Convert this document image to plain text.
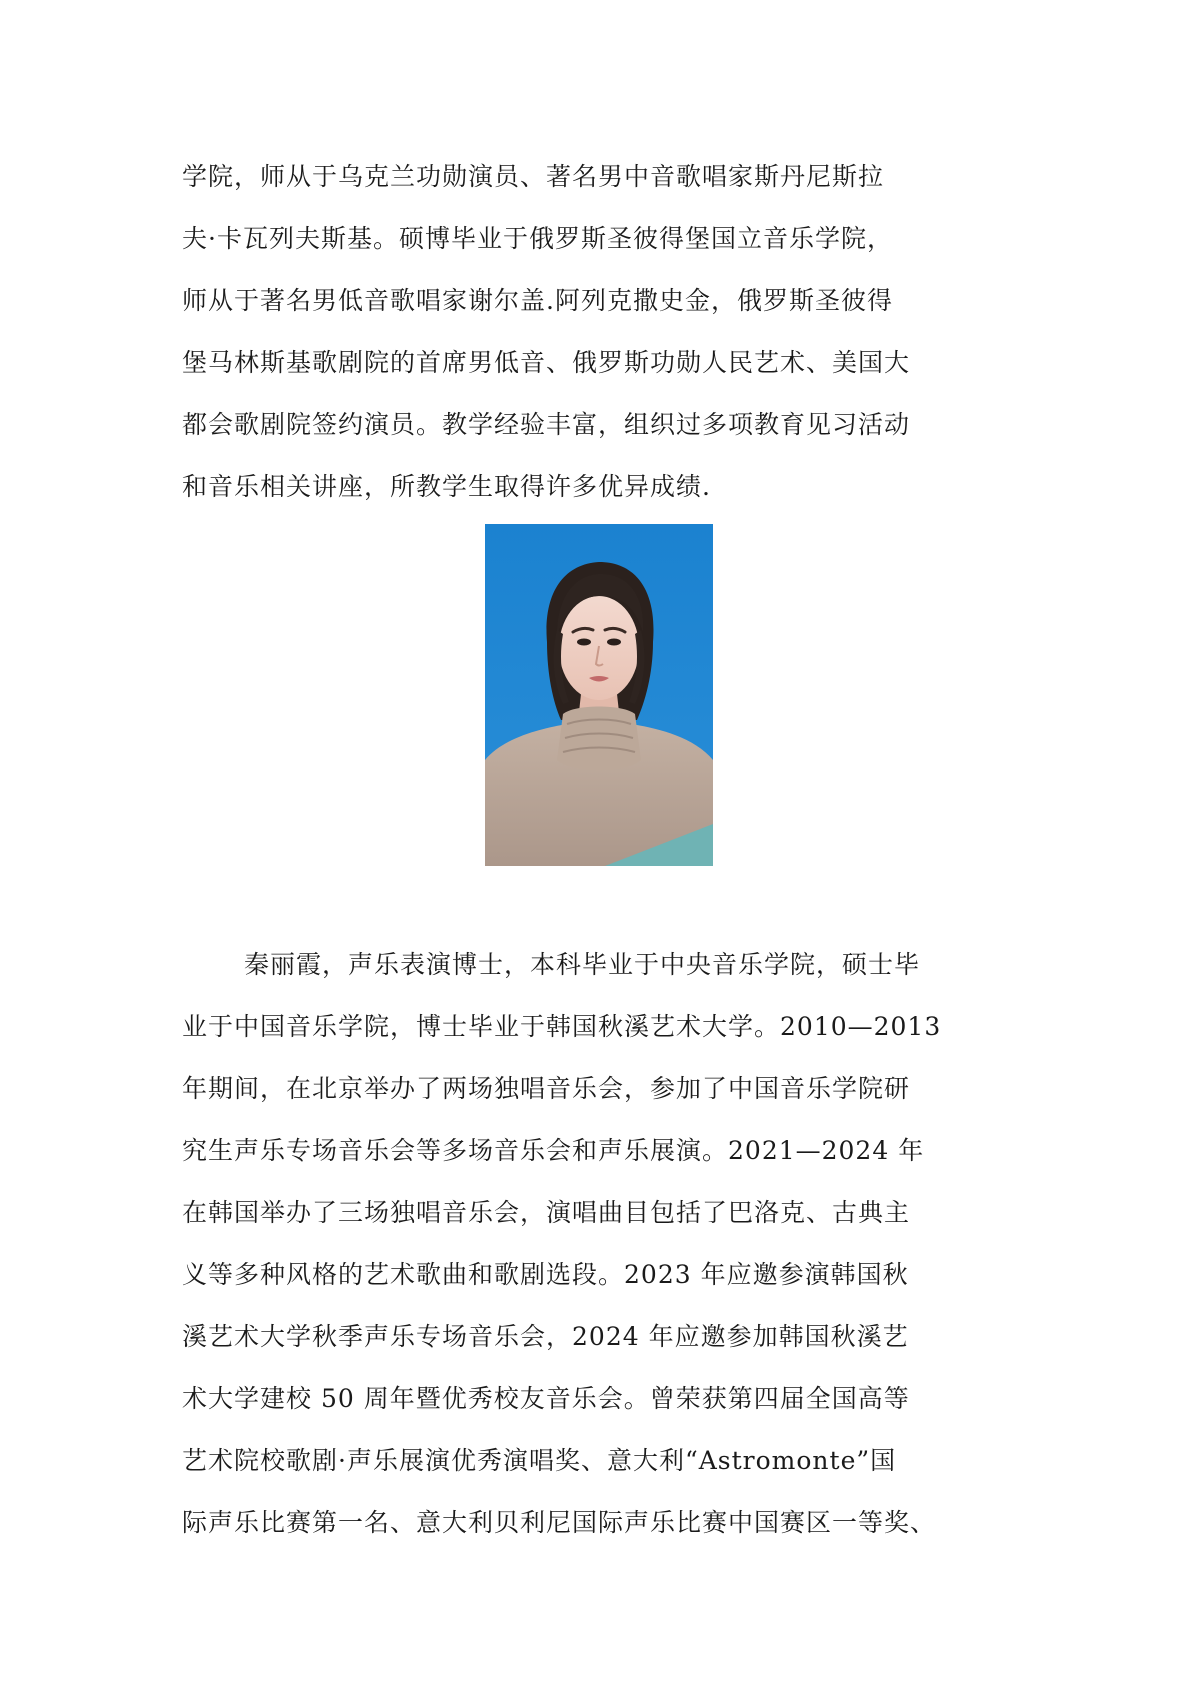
学院，师从于乌克兰功勋演员、著名男中音歌唱家斯丹尼斯拉
夫·卡瓦列夫斯基。硕博毕业于俄罗斯圣彼得堡国立音乐学院，
师从于著名男低音歌唱家谢尔盖.阿列克撒史金，俄罗斯圣彼得
堡马林斯基歌剧院的首席男低音、俄罗斯功勋人民艺术、美国大
都会歌剧院签约演员。教学经验丰富，组织过多项教育见习活动
和音乐相关讲座，所教学生取得许多优异成绩.
秦丽霞，声乐表演博士，本科毕业于中央音乐学院，硕士毕
业于中国音乐学院，博士毕业于韩国秋溪艺术大学。2010—2013
年期间，在北京举办了两场独唱音乐会，参加了中国音乐学院研
究生声乐专场音乐会等多场音乐会和声乐展演。2021—2024 年
在韩国举办了三场独唱音乐会，演唱曲目包括了巴洛克、古典主
义等多种风格的艺术歌曲和歌剧选段。2023 年应邀参演韩国秋
溪艺术大学秋季声乐专场音乐会，2024 年应邀参加韩国秋溪艺
术大学建校 50 周年暨优秀校友音乐会。曾荣获第四届全国高等
艺术院校歌剧·声乐展演优秀演唱奖、意大利“Astromonte”国
际声乐比赛第一名、意大利贝利尼国际声乐比赛中国赛区一等奖、
